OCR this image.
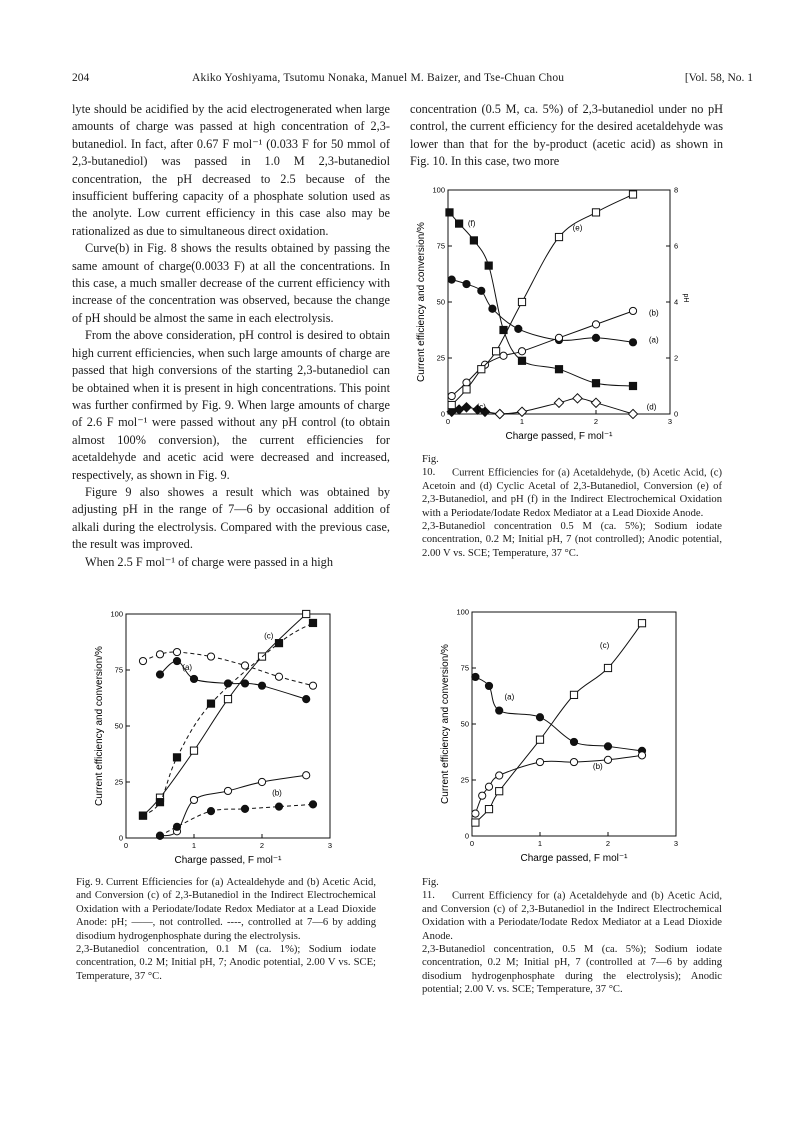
204	Akiko Yoshiyama, Tsutomu Nonaka, Manuel M. Baizer, and Tse-Chuan Chou	[Vol. 58, No. 1

lyte should be acidified by the acid electrogenerated when large amounts of charge was passed at high concentration of 2,3-butanediol. In fact, after 0.67 F mol⁻¹ (0.033 F for 50 mmol of 2,3-butanediol) was passed in 1.0 M 2,3-butanediol concentration, the pH decreased to 2.5 because of the insufficient buffering capacity of a phosphate solution used as the anolyte. Low current efficiency in this case also may be rationalized as due to simultaneous direct oxidation.

Curve(b) in Fig. 8 shows the results obtained by passing the same amount of charge(0.0033 F) at all the concentrations. In this case, a much smaller decrease of the current efficiency with increase of the concentration was observed, because the change of pH should be almost the same in each electrolysis.

From the above consideration, pH control is desired to obtain high current efficiencies, when such large amounts of charge are passed that high conversions of the starting 2,3-butanediol can be obtained when it is present in high concentrations. This point was further confirmed by Fig. 9. When large amounts of charge of 2.6 F mol⁻¹ were passed without any pH control (to obtain almost 100% conversion), the current efficiencies for acetaldehyde and acetic acid were decreased and increased, respectively, as shown in Fig. 9.

Figure 9 also showes a result which was obtained by adjusting pH in the range of 7—6 by occasional addition of alkali during the electrolysis. Compared with the previous case, the result was improved.

When 2.5 F mol⁻¹ of charge were passed in a high

concentration (0.5 M, ca. 5%) of 2,3-butanediol under no pH control, the current efficiency for the desired acetaldehyde was lower than that for the by-product (acetic acid) as shown in Fig. 10. In this case, two more

0	1	2	3
0
25
50
75
100
0
2
4
6
8
pH
Charge passed, F mol⁻¹
Current efficiency and conversion/%	(a)
(b)
(c)	(d)
(e)
(f)

Fig. 10. Current Efficiencies for (a) Acetaldehyde, (b) Acetic Acid, (c) Acetoin and (d) Cyclic Acetal of 2,3-Butanediol, Conversion (e) of 2,3-Butanediol, and pH (f) in the Indirect Electrochemical Oxidation with a Periodate/Iodate Redox Mediator at a Lead Dioxide Anode.

2,3-Butanediol concentration 0.5 M (ca. 5%); Sodium iodate concentration, 0.2 M; Initial pH, 7 (not controlled); Anodic potential, 2.00 V vs. SCE; Temperature, 37 °C.

0	1	2	3
0
25
50
75
100
Charge passed, F mol⁻¹
Current efficiency and conversion/%	(a)
(b)
(c)

Fig. 9. Current Efficiencies for (a) Actealdehyde and (b) Acetic Acid, and Conversion (c) of 2,3-Butanediol in the Indirect Electrochemical Oxidation with a Periodate/Iodate Redox Mediator at a Lead Dioxide Anode: pH; ——, not controlled. ----, controlled at 7—6 by adding disodium hydrogenphosphate during the electrolysis.

2,3-Butanediol concentration, 0.1 M (ca. 1%); Sodium iodate concentration, 0.2 M; Initial pH, 7; Anodic potential, 2.00 V vs. SCE; Temperature, 37 °C.

0	1	2	3
0
25
50
75
100
Charge passed, F mol⁻¹
Current efficiency and conversion/%	(a)
(b)
(c)

Fig. 11. Current Efficiency for (a) Acetaldehyde and (b) Acetic Acid, and Conversion (c) of 2,3-Butanediol in the Indirect Electrochemical Oxidation with a Periodate/Iodate Redox Mediator at a Lead Dioxide Anode.

2,3-Butanediol concentration, 0.5 M (ca. 5%); Sodium iodate concentration, 0.2 M; Initial pH, 7 (controlled at 7—6 by adding disodium hydrogenphosphate during the electrolysis); Anodic potential; 2.00 V. vs. SCE; Temperature, 37 °C.
